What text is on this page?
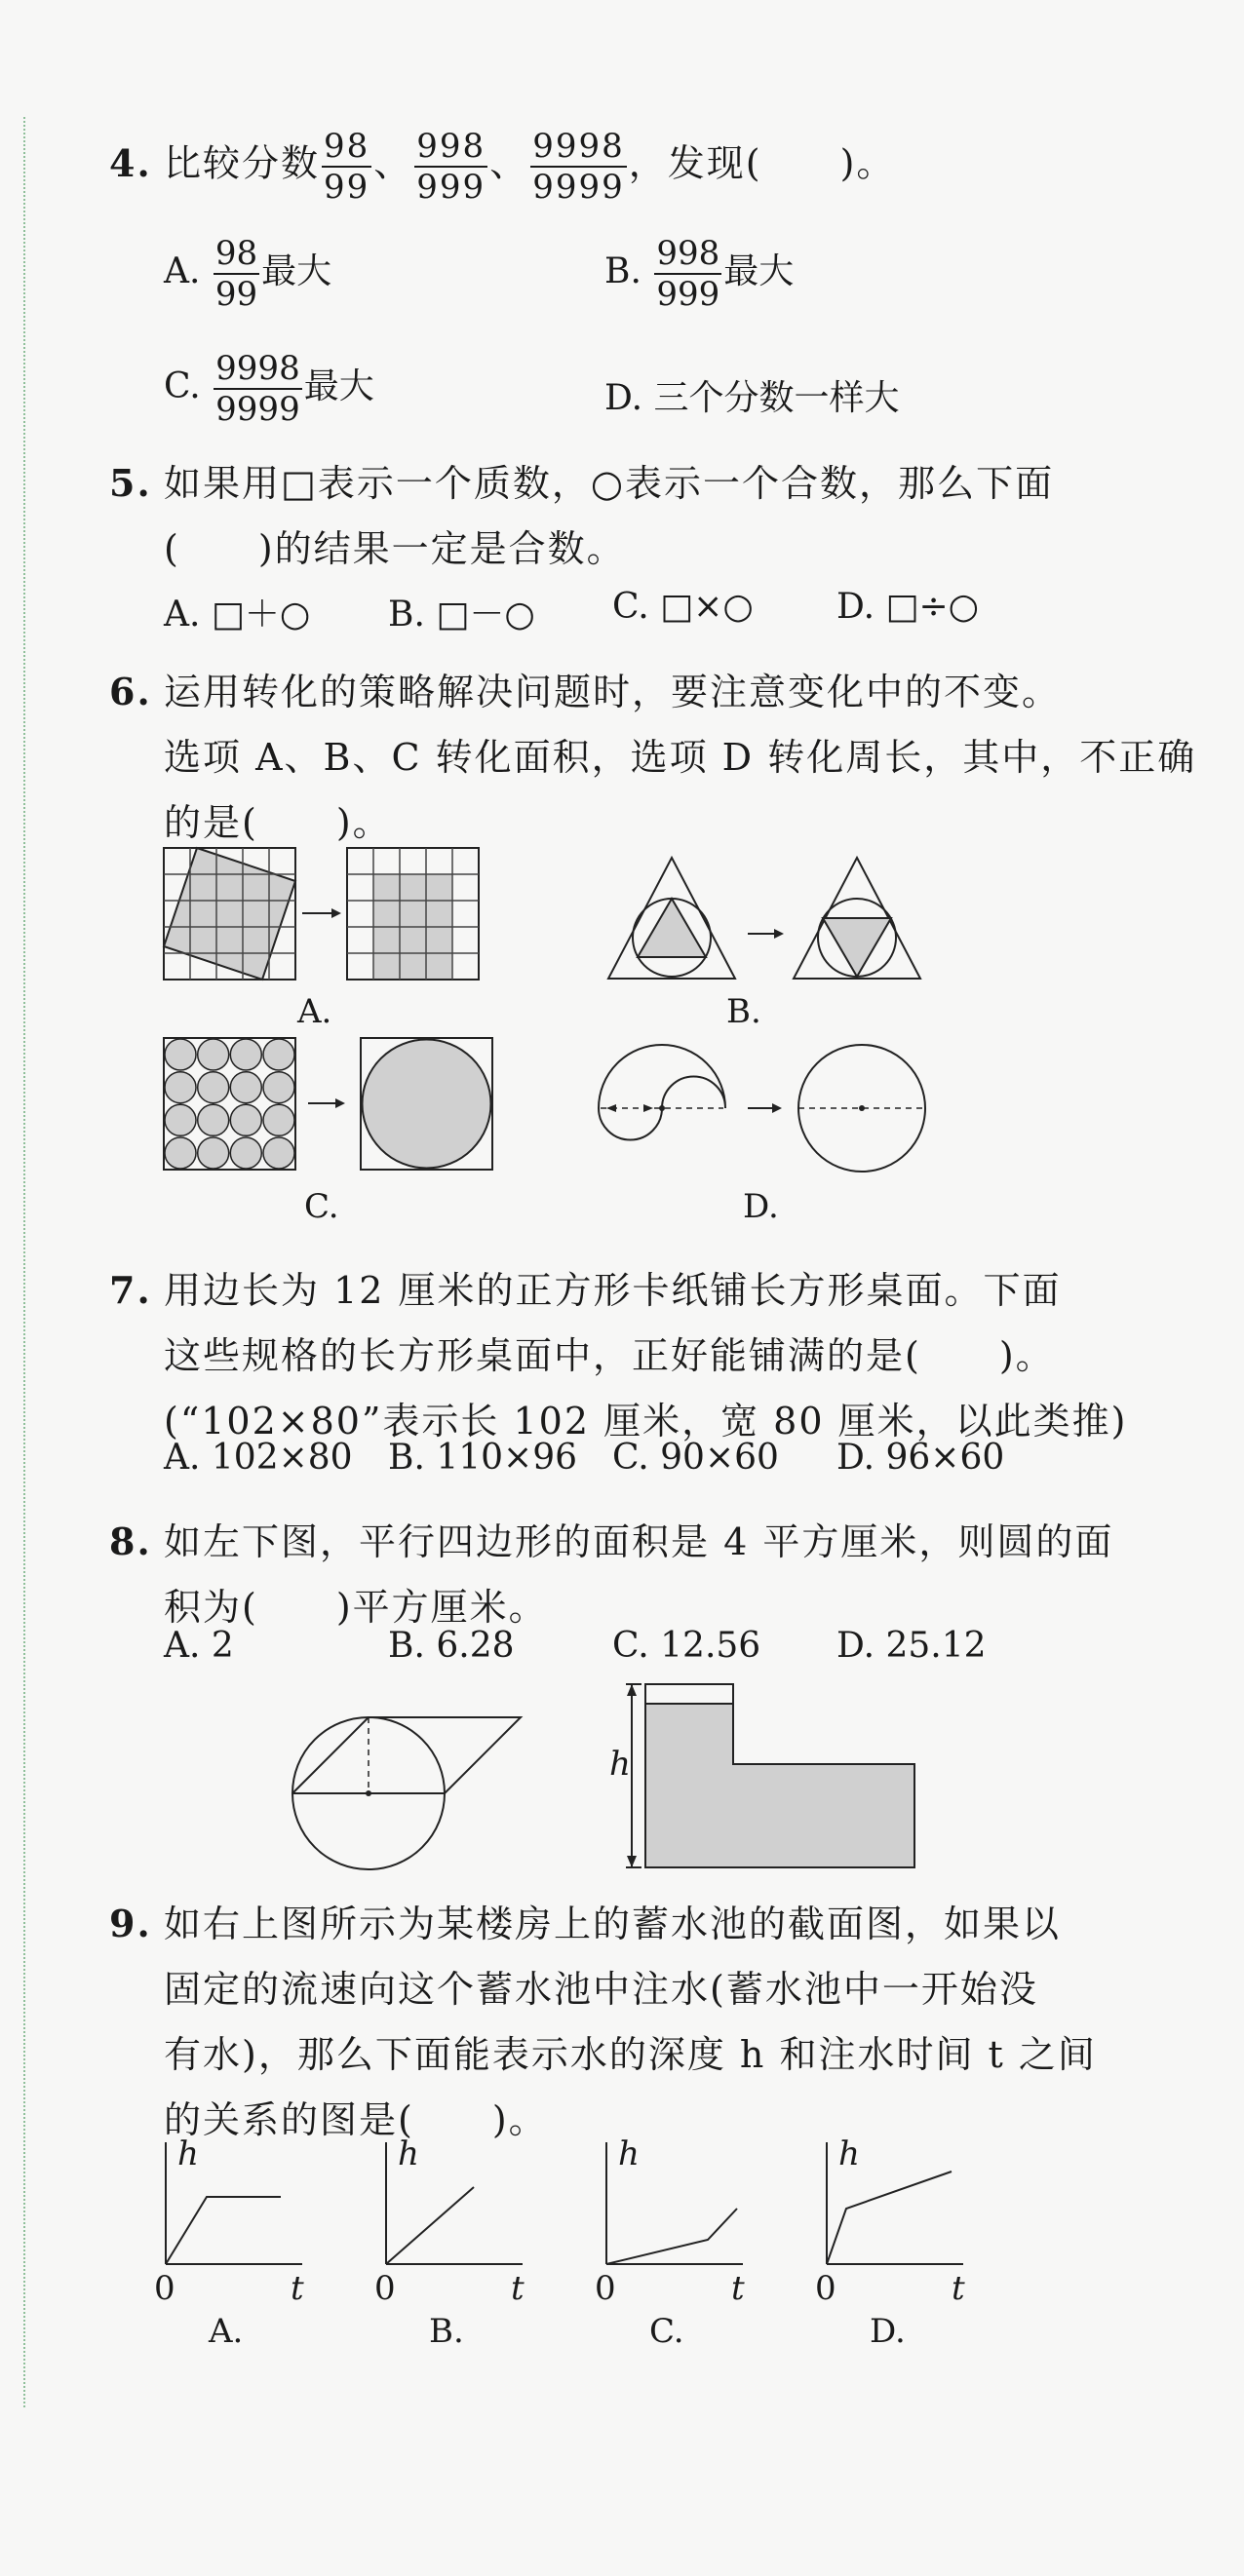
4. 比较分数 $\frac{98}{99}$ 、 $\frac{998}{999}$ 、 $\frac{9998}{9999}$ ，发现(　　)。
A. $\frac{98}{99}$ 最大	B. $\frac{998}{999}$ 最大
C. $\frac{9998}{9999}$ 最大	D. 三个分数一样大
5. 如果用□表示一个质数，○表示一个合数，那么下面
(　　)的结果一定是合数。
A. □＋○ B. □－○ C. □×○ D. □÷○
6. 运用转化的策略解决问题时，要注意变化中的不变。
选项 A、B、C 转化面积，选项 D 转化周长，其中，不正确
的是(　　)。
A.	B.
C.	D.
7. 用边长为 12 厘米的正方形卡纸铺长方形桌面。下面
这些规格的长方形桌面中，正好能铺满的是(　　)。
(“102×80”表示长 102 厘米，宽 80 厘米，以此类推)
A. 102×80 B. 110×96 C. 90×60 D. 96×60
8. 如左下图，平行四边形的面积是 4 平方厘米，则圆的面
积为(　　)平方厘米。
A. 2	B. 6.28	C. 12.56 D. 25.12
h
9. 如右上图所示为某楼房上的蓄水池的截面图，如果以
固定的流速向这个蓄水池中注水(蓄水池中一开始没
有水)，那么下面能表示水的深度 h 和注水时间 t 之间
的关系的图是(　　)。
h
t
0
A.
h
t
0
B.
h
t
0
C.
h
t
0
D.
